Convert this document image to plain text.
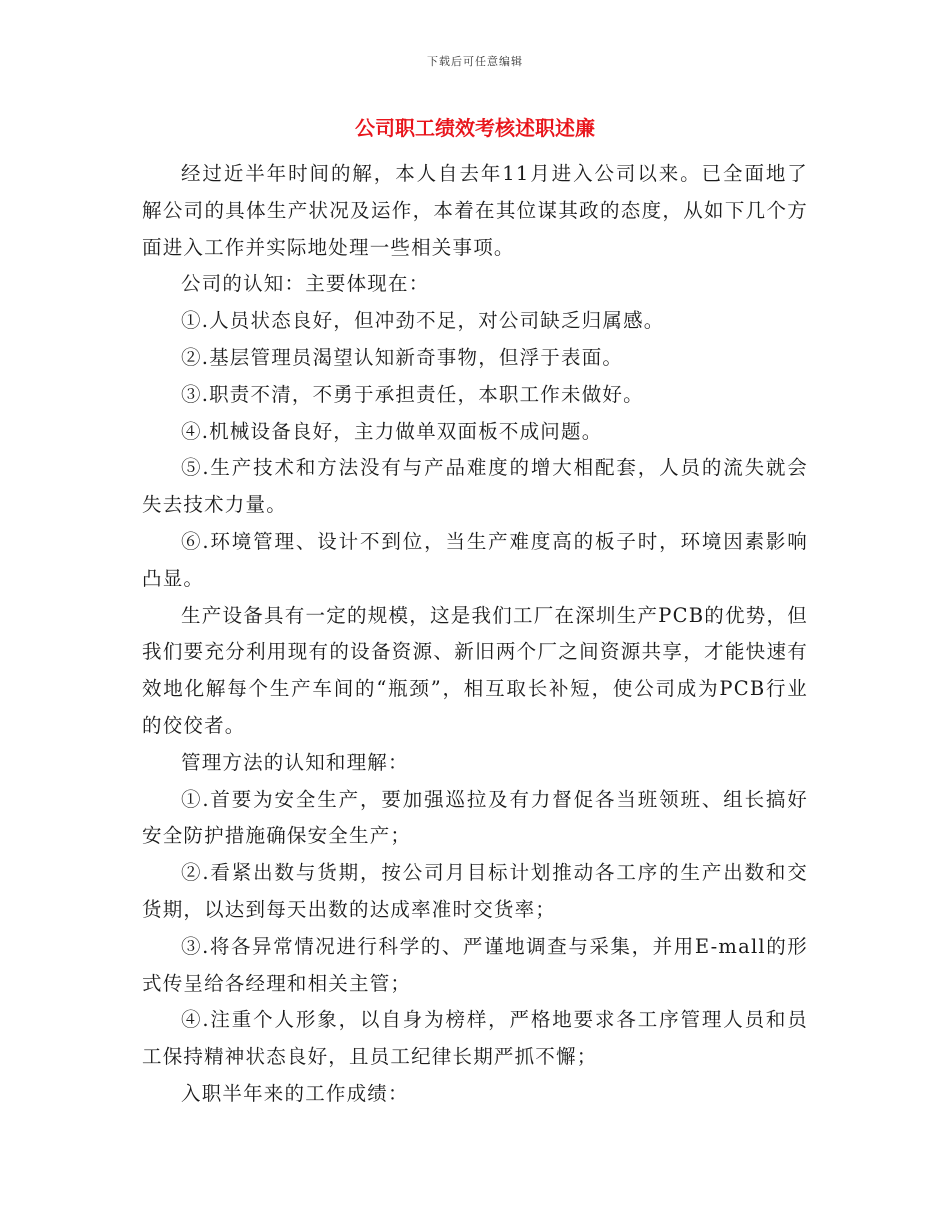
下载后可任意编辑
公司职工绩效考核述职述廉

经过近半年时间的解，本人自去年11月进入公司以来。已全面地了解公司的具体生产状况及运作，本着在其位谋其政的态度，从如下几个方面进入工作并实际地处理一些相关事项。

公司的认知：主要体现在：

①.人员状态良好，但冲劲不足，对公司缺乏归属感。

②.基层管理员渴望认知新奇事物，但浮于表面。

③.职责不清，不勇于承担责任，本职工作未做好。

④.机械设备良好，主力做单双面板不成问题。

⑤.生产技术和方法没有与产品难度的增大相配套，人员的流失就会失去技术力量。

⑥.环境管理、设计不到位，当生产难度高的板子时，环境因素影响凸显。

生产设备具有一定的规模，这是我们工厂在深圳生产PCB的优势，但我们要充分利用现有的设备资源、新旧两个厂之间资源共享，才能快速有效地化解每个生产车间的“瓶颈”，相互取长补短，使公司成为PCB行业的佼佼者。

管理方法的认知和理解：

①.首要为安全生产，要加强巡拉及有力督促各当班领班、组长搞好安全防护措施确保安全生产；

②.看紧出数与货期，按公司月目标计划推动各工序的生产出数和交货期，以达到每天出数的达成率准时交货率；

③.将各异常情况进行科学的、严谨地调查与采集，并用E-mall的形式传呈给各经理和相关主管；

④.注重个人形象，以自身为榜样，严格地要求各工序管理人员和员工保持精神状态良好，且员工纪律长期严抓不懈；

入职半年来的工作成绩：
